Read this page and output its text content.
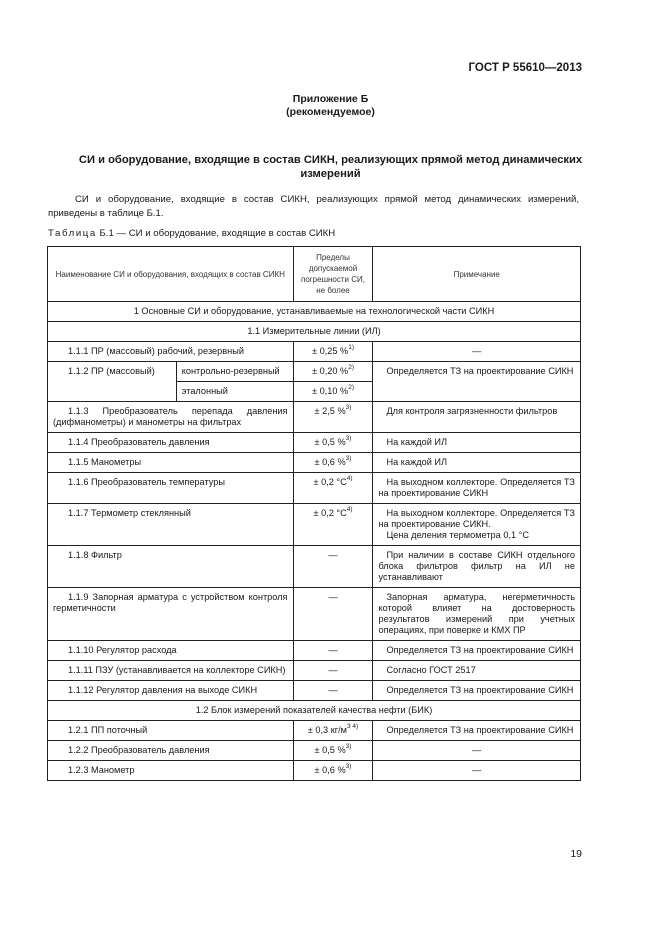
ГОСТ Р 55610—2013
Приложение Б
(рекомендуемое)
СИ и оборудование, входящие в состав СИКН, реализующих прямой метод динамических
измерений
СИ и оборудование, входящие в состав СИКН, реализующих прямой метод динамических измерений, приведены в таблице Б.1.
Таблица Б.1 — СИ и оборудование, входящие в состав СИКН
Наименование СИ и оборудования, входящих в состав СИКН		Пределы допускаемой погрешности СИ, не более	Примечание
1 Основные СИ и оборудование, устанавливаемые на технологической части СИКН			
1.1 Измерительные линии (ИЛ)			
1.1.1 ПР (массовый) рабочий, резервный		± 0,25 %$^{1)}$	—
1.1.2 ПР (массовый)	контрольно-резервный	± 0,20 %$^{2)}$	Определяется ТЗ на проектирование СИКН
	эталонный	± 0,10 %$^{2)}$
1.1.3 Преобразователь перепада давления (дифманометры) и манометры на фильтрах		± 2,5 %$^{3)}$	Для контроля загрязненности фильтров
1.1.4 Преобразователь давления		± 0,5 %$^{3)}$	На каждой ИЛ
1.1.5 Манометры		± 0,6 %$^{3)}$	На каждой ИЛ
1.1.6 Преобразователь температуры		± 0,2 $^\circ С^{4)}$	На выходном коллекторе. Определяется ТЗ на проектирование СИКН
1.1.7 Термометр стеклянный		± 0,2 $^\circ С^{4)}$	На выходном коллекторе. Определяется ТЗ на проектирование СИКН.
Цена деления термометра 0,1 °С

1.1.8 Фильтр		—	При наличии в составе СИКН отдельного блока фильтров фильтр на ИЛ не устанавливают
1.1.9 Запорная арматура с устройством контроля герметичности		—	Запорная арматура, негерметичность которой влияет на достоверность результатов измерений при учетных операциях, при поверке и КМХ ПР
1.1.10 Регулятор расхода		—	Определяется ТЗ на проектирование СИКН
1.1.11 ПЗУ (устанавливается на коллекторе СИКН)		—	Согласно ГОСТ 2517
1.1.12 Регулятор давления на выходе СИКН		—	Определяется ТЗ на проектирование СИКН
1.2 Блок измерений показателей качества нефти (БИК)			
1.2.1 ПП поточный		± 0,3 $кг/м^{3 4)}$	Определяется ТЗ на проектирование СИКН
1.2.2 Преобразователь давления		± 0,5 %$^{3)}$	—
1.2.3 Манометр		± 0,6 %$^{3)}$	—
19
